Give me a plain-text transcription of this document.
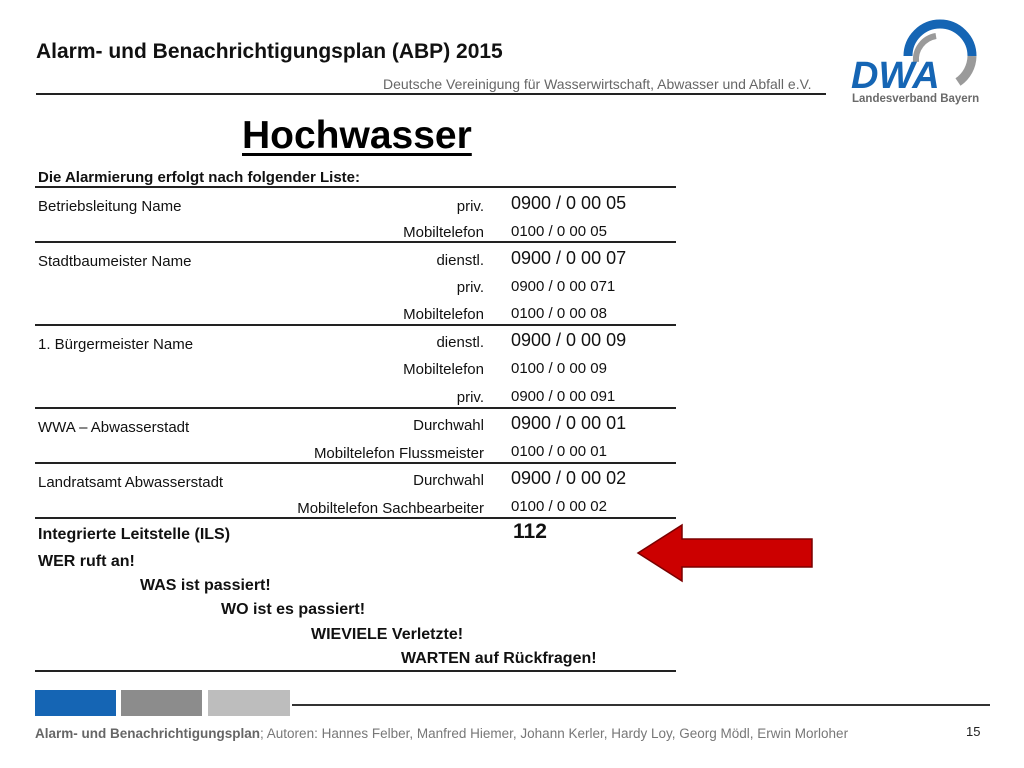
Alarm- und Benachrichtigungsplan (ABP) 2015
Deutsche Vereinigung für Wasserwirtschaft, Abwasser und Abfall e.V. DWA
Landesverband Bayern
Hochwasser
Die Alarmierung erfolgt nach folgender Liste:
Betriebsleitung Name	priv. 0900 / 0 00 05
Mobiltelefon 0100 / 0 00 05
Stadtbaumeister Name	dienstl. 0900 / 0 00 07
priv. 0900 / 0 00 071
Mobiltelefon 0100 / 0 00 08
1. Bürgermeister Name	dienstl. 0900 / 0 00 09
Mobiltelefon 0100 / 0 00 09
priv. 0900 / 0 00 091
WWA – Abwasserstadt	Durchwahl 0900 / 0 00 01
Mobiltelefon Flussmeister 0100 / 0 00 01
Landratsamt Abwasserstadt	Durchwahl 0900 / 0 00 02
Mobiltelefon Sachbearbeiter 0100 / 0 00 02
Integrierte Leitstelle (ILS)	112
WER ruft an!
WAS ist passiert!
WO ist es passiert!
WIEVIELE Verletzte!
WARTEN auf Rückfragen!
Alarm- und Benachrichtigungsplan; Autoren: Hannes Felber, Manfred Hiemer, Johann Kerler, Hardy Loy, Georg Mödl, Erwin Morloher	15
